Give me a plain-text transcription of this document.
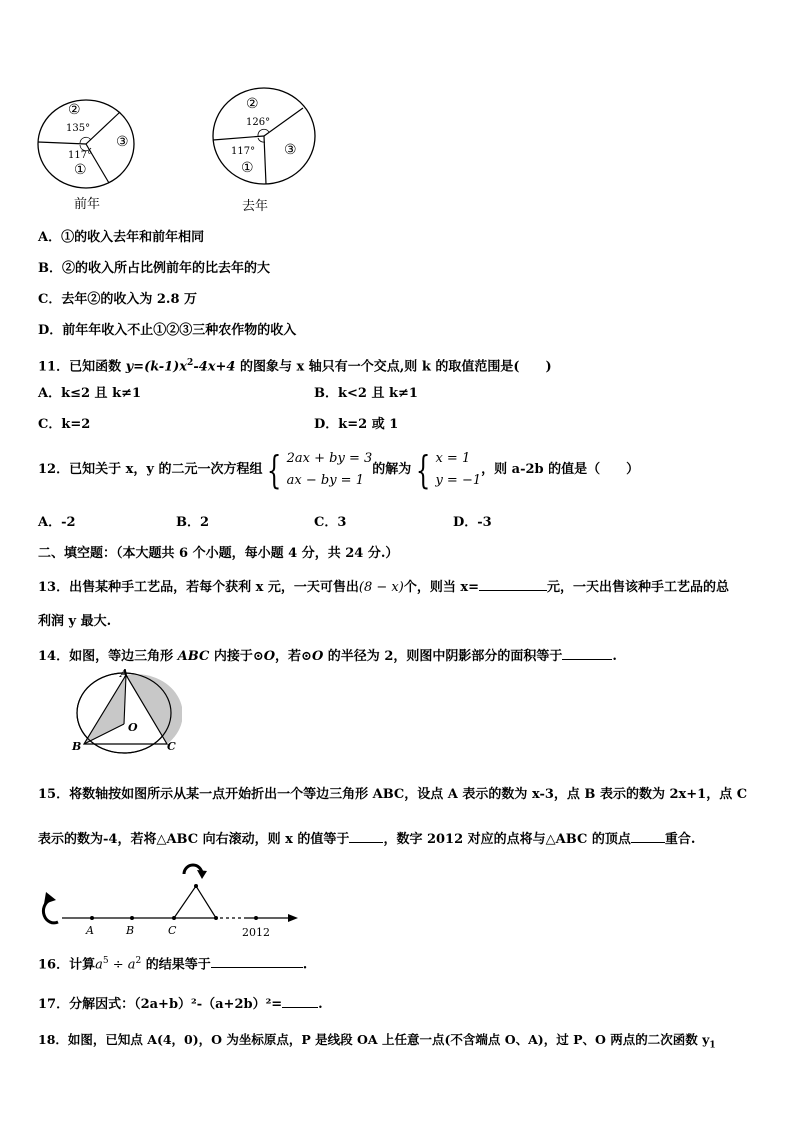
②
135°
③
117°
①
前年
②
126°
③
117°
①
去年
A．①的收入去年和前年相同
B．②的收入所占比例前年的比去年的大
C．去年②的收入为 2.8 万
D．前年年收入不止①②③三种农作物的收入
11．已知函数 $y=(k-1)x^2-4x+4$ 的图象与 x 轴只有一个交点,则 k 的取值范围是(　　)
A．k≤2 且 k≠1	B．k<2 且 k≠1
C．k=2	D．k=2 或 1
12．已知关于 x，y 的二元一次方程组 { 2ax + by = 3
ax − by = 1的解为 { x = 1
y = −1，则 a-2b 的值是（　　）
A．-2	B．2	C．3	D．-3
二、填空题：（本大题共 6 个小题，每小题 4 分，共 24 分.）
13．出售某种手工艺品，若每个获利 x 元，一天可售出(8 − x)个，则当 x=	元，一天出售该种手工艺品的总
利润 y 最大.
14．如图，等边三角形 ABC 内接于⊙O，若⊙O 的半径为 2，则图中阴影部分的面积等于	.
A
B	C
O
15．将数轴按如图所示从某一点开始折出一个等边三角形 ABC，设点 A 表示的数为 x-3，点 B 表示的数为 2x+1，点 C
表示的数为-4，若将△ABC 向右滚动，则 x 的值等于	，数字 2012 对应的点将与△ABC 的顶点	重合.
A	B	C	2012
16．计算$a^5 \div a^2$ 的结果等于	.
17．分解因式：（2a+b）²-（a+2b）²=	.
18．如图，已知点 A(4，0)，O 为坐标原点，P 是线段 OA 上任意一点(不含端点 O、A)，过 P、O 两点的二次函数 $y_1$
